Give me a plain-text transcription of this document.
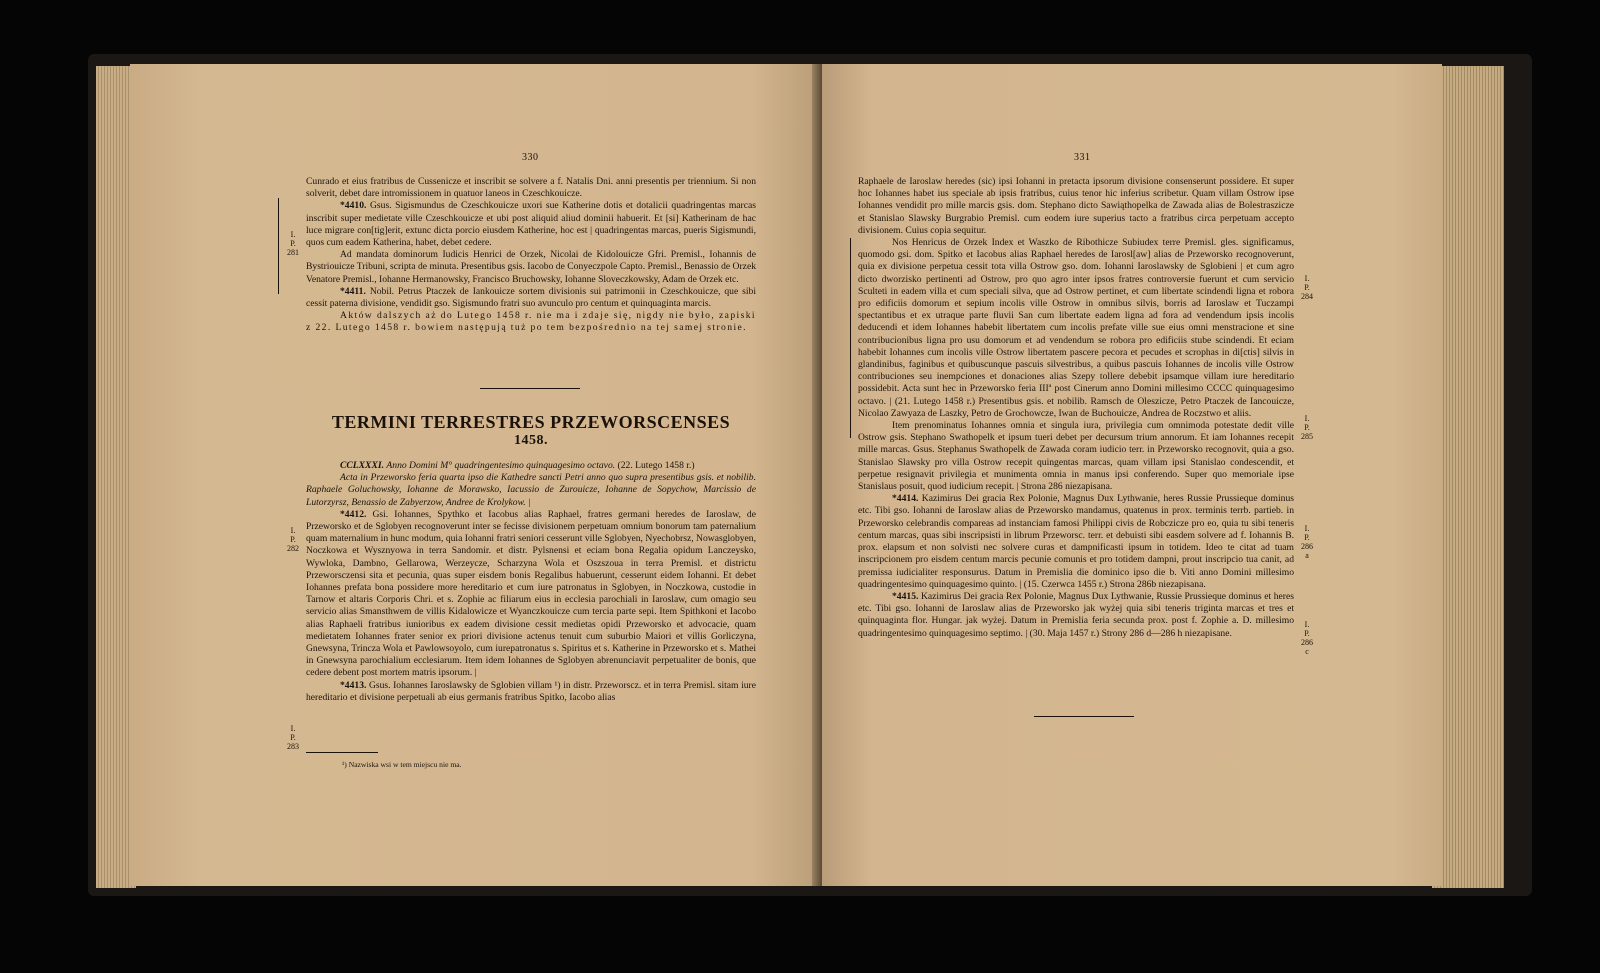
330
I.
P.
281

Cunrado et eius fratribus de Cussenicze et inscribit se solvere a f. Natalis Dni. anni presentis per triennium. Si non solverit, debet dare intromissionem in quatuor laneos in Czeschkouicze.

*4410. Gsus. Sigismundus de Czeschkouicze uxori sue Katherine dotis et dotalicii quadringentas marcas inscribit super medietate ville Czeschkouicze et ubi post aliquid aliud dominii habuerit. Et [si] Katherinam de hac luce migrare con[tig]erit, extunc dicta porcio eiusdem Katherine, hoc est | quadringentas marcas, pueris Sigismundi, quos cum eadem Katherina, habet, debet cedere.

Ad mandata dominorum Iudicis Henrici de Orzek, Nicolai de Kidolouicze Gfri. Premisl., Iohannis de Bystriouicze Tribuni, scripta de minuta. Presentibus gsis. Iacobo de Conyeczpole Capto. Premisl., Benassio de Orzek Venatore Premisl., Iohanne Hermanowsky, Francisco Bruchowsky, Iohanne Sloveczkowsky, Adam de Orzek etc.

*4411. Nobil. Petrus Ptaczek de Iankouicze sortem divisionis sui patrimonii in Czeschkouicze, que sibi cessit paterna divisione, vendidit gso. Sigismundo fratri suo avunculo pro centum et quinquaginta marcis.

Aktów dalszych aż do Lutego 1458 r. nie ma i zdaje się, nigdy nie było, zapiski z 22. Lutego 1458 r. bowiem następują tuż po tem bezpośrednio na tej samej stronie.

TERMINI TERRESTRES PRZEWORSCENSES
1458.
I.
P.
282
I.
P.
283

CCLXXXI. Anno Domini M° quadringentesimo quinquagesimo octavo. (22. Lutego 1458 r.)

Acta in Przeworsko feria quarta ipso die Kathedre sancti Petri anno quo supra presentibus gsis. et nobilib. Raphaele Goluchowsky, Iohanne de Morawsko, Iacussio de Zurouicze, Iohanne de Sopychow, Marcissio de Lutorzyrsz, Benassio de Zabyerzow, Andree de Krolykow. |

*4412. Gsi. Iohannes, Spythko et Iacobus alias Raphael, fratres germani heredes de Iaroslaw, de Przeworsko et de Sglobyen recognoverunt inter se fecisse divisionem perpetuam omnium bonorum tam paternalium quam maternalium in hunc modum, quia Iohanni fratri seniori cesserunt ville Sglobyen, Nyechobrsz, Nowasglobyen, Noczkowa et Wysznyowa in terra Sandomir. et distr. Pylsnensi et eciam bona Regalia opidum Lanczeysko, Wywloka, Dambno, Gellarowa, Werzeycze, Scharzyna Wola et Oszszoua in terra Premisl. et districtu Przeworsczensi sita et pecunia, quas super eisdem bonis Regalibus habuerunt, cesserunt eidem Iohanni. Et debet Iohannes prefata bona possidere more hereditario et cum iure patronatus in Sglobyen, in Noczkowa, custodie in Tarnow et altaris Corporis Chri. et s. Zophie ac filiarum eius in ecclesia parochiali in Iaroslaw, cum omagio seu servicio alias Smansthwem de villis Kidalowicze et Wyanczkouicze cum tercia parte sepi. Item Spithkoni et Iacobo alias Raphaeli fratribus iunioribus ex eadem divisione cessit medietas opidi Przeworsko et advocacie, quam medietatem Iohannes frater senior ex priori divisione actenus tenuit cum suburbio Maiori et villis Gorliczyna, Gnewsyna, Trincza Wola et Pawlowsoyolo, cum iurepatronatus s. Spiritus et s. Katherine in Przeworsko et s. Mathei in Gnewsyna parochialium ecclesiarum. Item idem Iohannes de Sglobyen abrenunciavit perpetualiter de bonis, que cedere debent post mortem matris ipsorum. |

*4413. Gsus. Iohannes Iaroslawsky de Sglobien villam ¹) in distr. Przeworscz. et in terra Premisl. sitam iure hereditario et divisione perpetuali ab eius germanis fratribus Spitko, Iacobo alias

¹) Nazwiska wsi w tem miejscu nie ma.
331
I.
P.
284
I.
P.
285
I.
P.
286
a
I.
P.
286
c

Raphaele de Iaroslaw heredes (sic) ipsi Iohanni in pretacta ipsorum divisione consenserunt possidere. Et super hoc Iohannes habet ius speciale ab ipsis fratribus, cuius tenor hic inferius scribetur. Quam villam Ostrow ipse Iohannes vendidit pro mille marcis gsis. dom. Stephano dicto Sawiąthopelka de Zawada alias de Bolestraszicze et Stanislao Slawsky Burgrabio Premisl. cum eodem iure superius tacto a fratribus circa perpetuam accepto divisionem. Cuius copia sequitur.

Nos Henricus de Orzek Index et Waszko de Ribothicze Subiudex terre Premisl. gles. significamus, quomodo gsi. dom. Spitko et Iacobus alias Raphael heredes de Iarosl[aw] alias de Przeworsko recognoverunt, quia ex divisione perpetua cessit tota villa Ostrow gso. dom. Iohanni Iaroslawsky de Sglobieni | et cum agro dicto dworzisko pertinenti ad Ostrow, pro quo agro inter ipsos fratres controversie fuerunt et cum servicio Sculteti in eadem villa et cum speciali silva, que ad Ostrow pertinet, et cum libertate scindendi ligna et robora pro edificiis domorum et sepium incolis ville Ostrow in omnibus silvis, borris ad Iaroslaw et Tuczampi spectantibus et ex utraque parte fluvii San cum libertate eadem ligna ad fora ad vendendum ipsis incolis deducendi et idem Iohannes habebit libertatem cum incolis prefate ville sue eius omni menstracione et sine contribucionibus ligna pro usu domorum et ad vendendum se robora pro edificiis stube scindendi. Et eciam habebit Iohannes cum incolis ville Ostrow libertatem pascere pecora et pecudes et scrophas in di[ctis] silvis in glandinibus, faginibus et quibuscunque pascuis silvestribus, a quibus pascuis Iohannes de incolis ville Ostrow contribuciones seu inempciones et donaciones alias Szepy tollere debebit ipsamque villam iure hereditario possidebit. Acta sunt hec in Przeworsko feria IIIª post Cinerum anno Domini millesimo CCCC quinquagesimo octavo. | (21. Lutego 1458 r.) Presentibus gsis. et nobilib. Ramsch de Oleszicze, Petro Ptaczek de Iancouicze, Nicolao Zawyaza de Laszky, Petro de Grochowcze, Iwan de Buchouicze, Andrea de Roczstwo et aliis.

Item prenominatus Iohannes omnia et singula iura, privilegia cum omnimoda potestate dedit ville Ostrow gsis. Stephano Swathopelk et ipsum tueri debet per decursum trium annorum. Et iam Iohannes recepit mille marcas. Gsus. Stephanus Swathopelk de Zawada coram iudicio terr. in Przeworsko recognovit, quia a gso. Stanislao Slawsky pro villa Ostrow recepit quingentas marcas, quam villam ipsi Stanislao condescendit, et perpetue resignavit privilegia et munimenta omnia in manus ipsi conferendo. Super quo memoriale ipse Stanislaus posuit, quod iudicium recepit. | Strona 286 niezapisana.

*4414. Kazimirus Dei gracia Rex Polonie, Magnus Dux Lythwanie, heres Russie Prussieque dominus etc. Tibi gso. Iohanni de Iaroslaw alias de Przeworsko mandamus, quatenus in prox. terminis terrb. partieb. in Przeworsko celebrandis compareas ad instanciam famosi Philippi civis de Robczicze pro eo, quia tu sibi teneris centum marcas, quas sibi inscripsisti in librum Przeworsc. terr. et debuisti sibi easdem solvere ad f. Iohannis B. prox. elapsum et non solvisti nec solvere curas et dampnificasti ipsum in totidem. Ideo te citat ad tuam inscripcionem pro eisdem centum marcis pecunie comunis et pro totidem dampni, prout inscripcio tua canit, ad premissa iudicialiter responsurus. Datum in Premislia die dominico ipso die b. Viti anno Domini millesimo quadringentesimo quinquagesimo quinto. | (15. Czerwca 1455 r.) Strona 286b niezapisana.

*4415. Kazimirus Dei gracia Rex Polonie, Magnus Dux Lythwanie, Russie Prussieque dominus et heres etc. Tibi gso. Iohanni de Iaroslaw alias de Przeworsko jak wyżej quia sibi teneris triginta marcas et tres et quinquaginta flor. Hungar. jak wyżej. Datum in Premislia feria secunda prox. post f. Zophie a. D. millesimo quadringentesimo quinquagesimo septimo. | (30. Maja 1457 r.) Strony 286 d—286 h niezapisane.
